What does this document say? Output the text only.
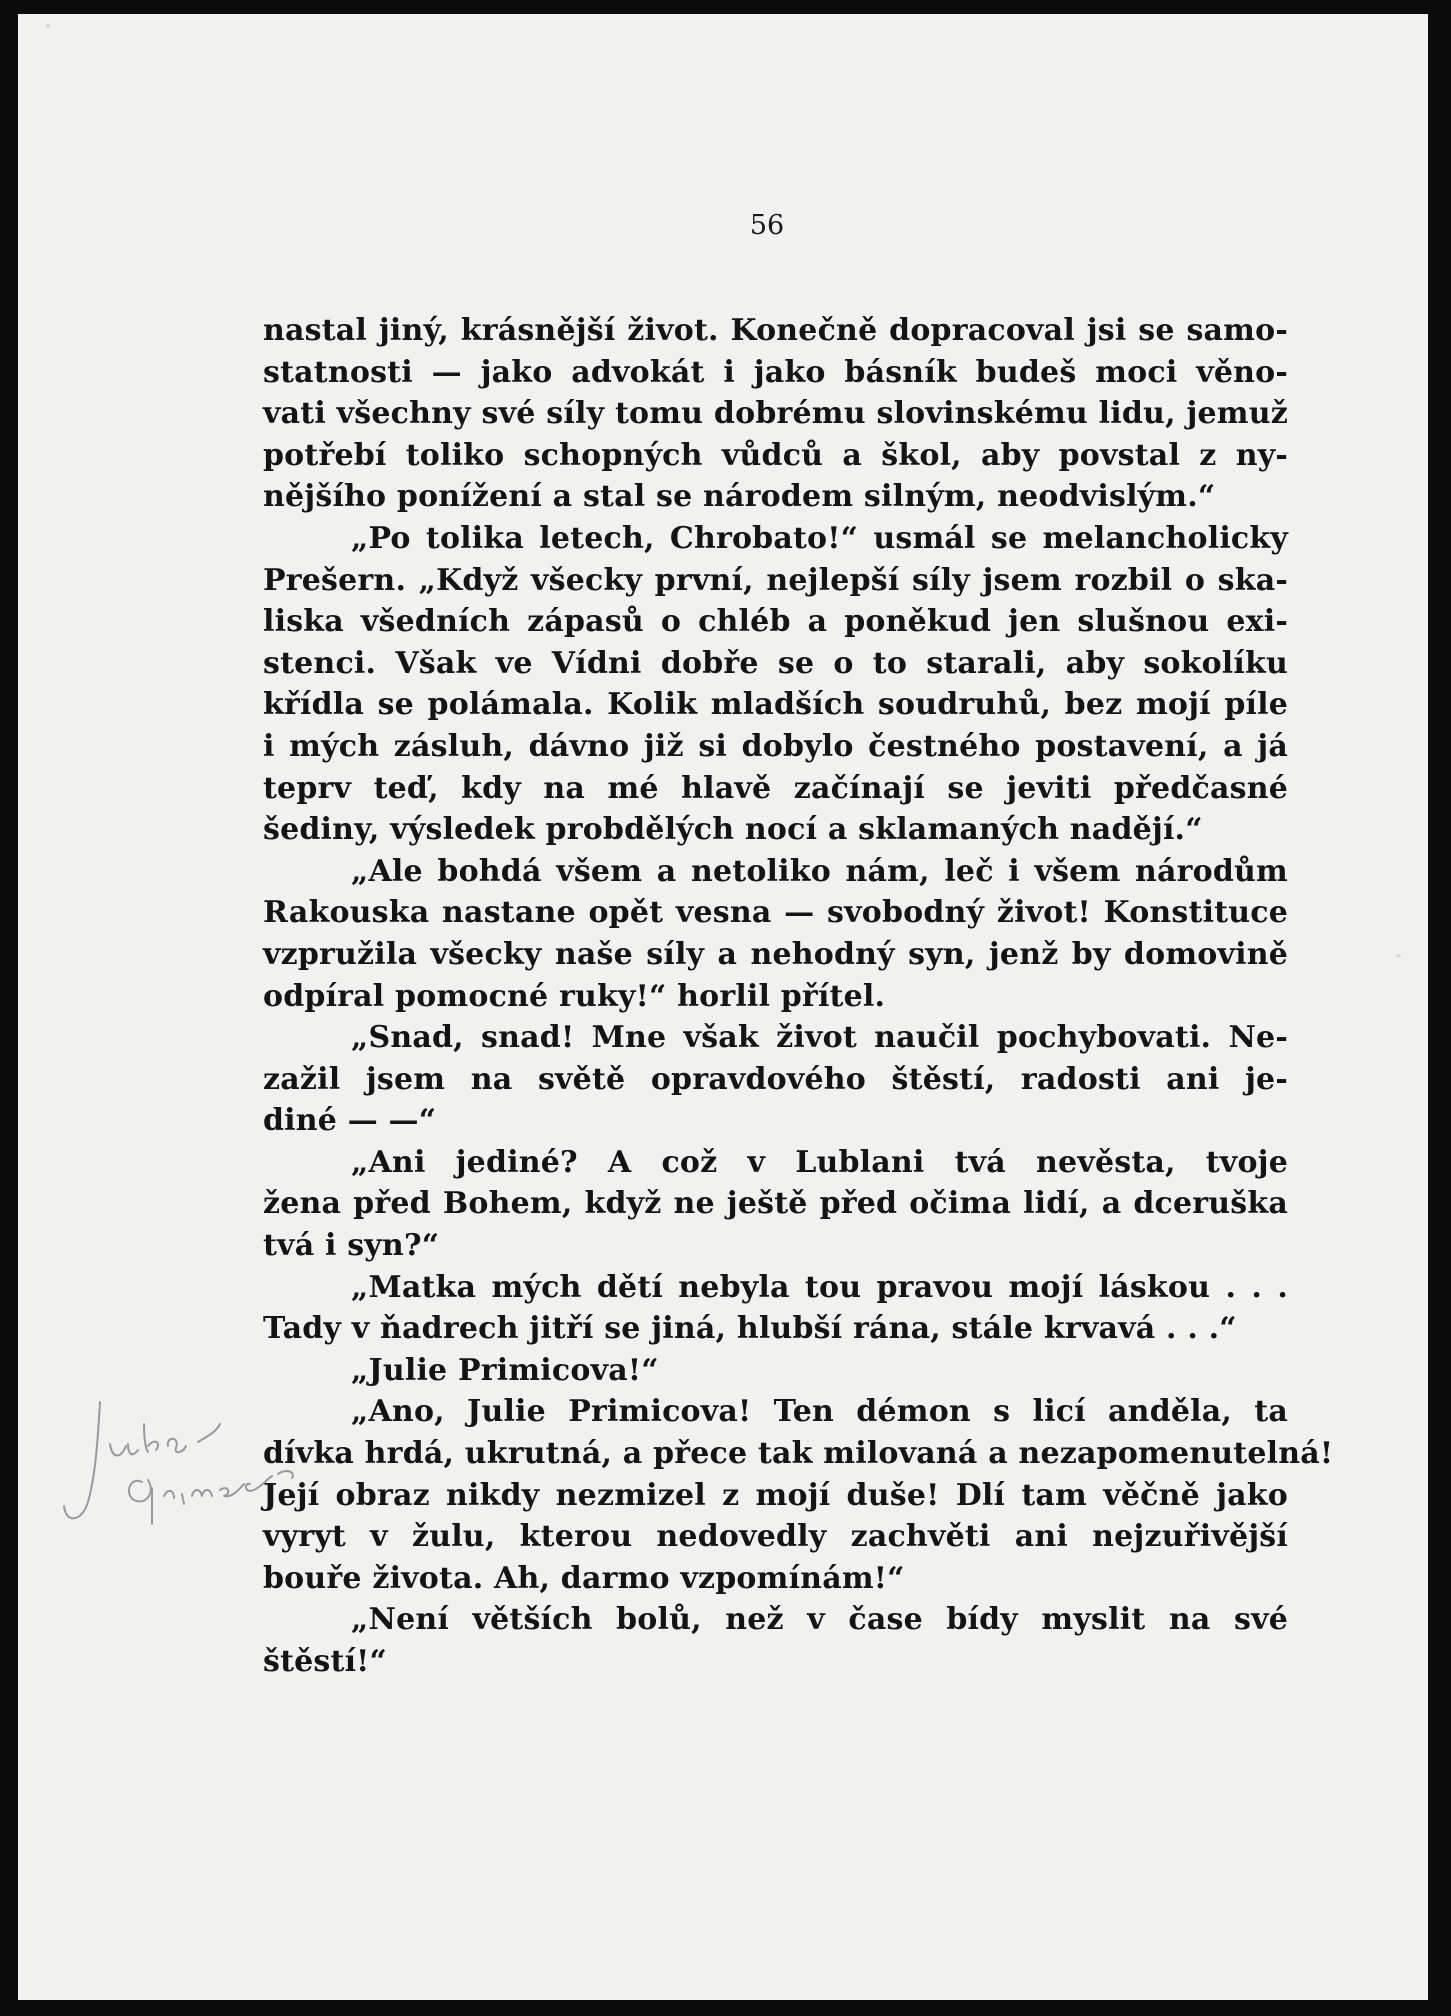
56
nastal jiný, krásnější život. Konečně dopracoval jsi se samo-
statnosti — jako advokát i jako básník budeš moci věno-
vati všechny své síly tomu dobrému slovinskému lidu, jemuž
potřebí toliko schopných vůdců a škol, aby povstal z ny-
nějšího ponížení a stal se národem silným, neodvislým.“
„Po tolika letech, Chrobato!“ usmál se melancholicky
Prešern. „Když všecky první, nejlepší síly jsem rozbil o ska-
liska všedních zápasů o chléb a poněkud jen slušnou exi-
stenci. Však ve Vídni dobře se o to starali, aby sokolíku
křídla se polámala. Kolik mladších soudruhů, bez mojí píle
i mých zásluh, dávno již si dobylo čestného postavení, a já
teprv teď, kdy na mé hlavě začínají se jeviti předčasné
šediny, výsledek probdělých nocí a sklamaných nadějí.“
„Ale bohdá všem a netoliko nám, leč i všem národům
Rakouska nastane opět vesna — svobodný život! Konstituce
vzpružila všecky naše síly a nehodný syn, jenž by domovině
odpíral pomocné ruky!“ horlil přítel.
„Snad, snad! Mne však život naučil pochybovati. Ne-
zažil jsem na světě opravdového štěstí, radosti ani je-
diné — —“
„Ani jediné? A což v Lublani tvá nevěsta, tvoje
žena před Bohem, když ne ještě před očima lidí, a dceruška
tvá i syn?“
„Matka mých dětí nebyla tou pravou mojí láskou . . .
Tady v ňadrech jitří se jiná, hlubší rána, stále krvavá . . .“
„Julie Primicova!“
„Ano, Julie Primicova! Ten démon s licí anděla, ta
dívka hrdá, ukrutná, a přece tak milovaná a nezapomenutelná!
Její obraz nikdy nezmizel z mojí duše! Dlí tam věčně jako
vyryt v žulu, kterou nedovedly zachvěti ani nejzuřivější
bouře života. Ah, darmo vzpomínám!“
„Není větších bolů, než v čase bídy myslit na své
štěstí!“
